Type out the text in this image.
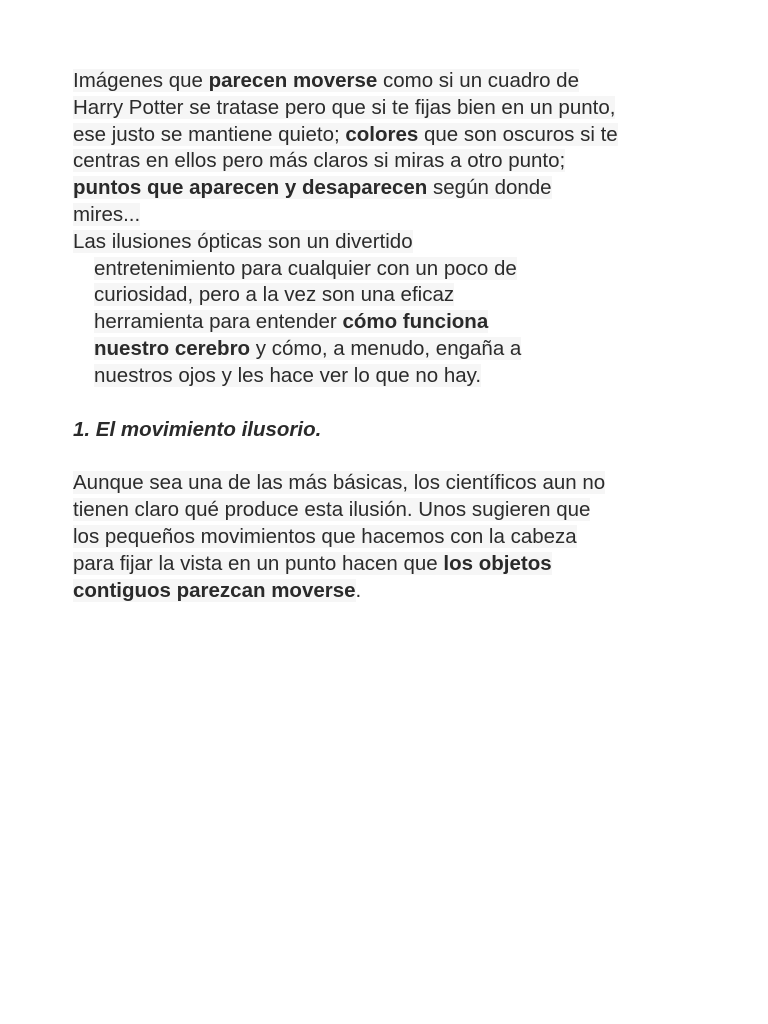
Imágenes que parecen moverse como si un cuadro de
Harry Potter se tratase pero que si te fijas bien en un punto,
ese justo se mantiene quieto; colores que son oscuros si te
centras en ellos pero más claros si miras a otro punto;
puntos que aparecen y desaparecen según donde
mires...
Las ilusiones ópticas son un divertido
entretenimiento para cualquier con un poco de
curiosidad, pero a la vez son una eficaz
herramienta para entender cómo funciona
nuestro cerebro y cómo, a menudo, engaña a
nuestros ojos y les hace ver lo que no hay.
1. El movimiento ilusorio.
Aunque sea una de las más básicas, los científicos aun no
tienen claro qué produce esta ilusión. Unos sugieren que
los pequeños movimientos que hacemos con la cabeza
para fijar la vista en un punto hacen que los objetos
contiguos parezcan moverse.
